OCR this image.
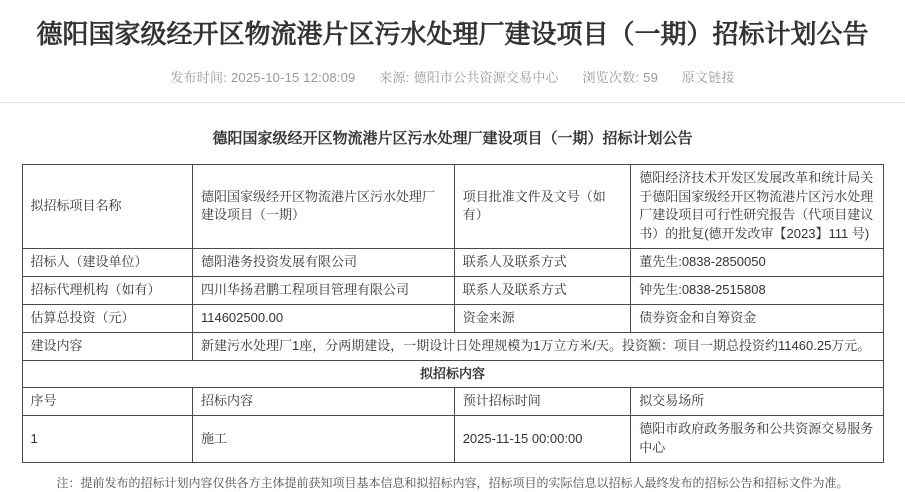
德阳国家级经开区物流港片区污水处理厂建设项目（一期）招标计划公告
发布时间: 2025-10-15 12:08:09 来源: 德阳市公共资源交易中心 浏览次数: 59 原文链接
德阳国家级经开区物流港片区污水处理厂建设项目（一期）招标计划公告
拟招标项目名称	德阳国家级经开区物流港片区污水处理厂建设项目（一期）	项目批准文件及文号（如有）	德阳经济技术开发区发展改革和统计局关于德阳国家级经开区物流港片区污水处理厂建设项目可行性研究报告（代项目建议书）的批复(德开发改审【2023】111 号)
招标人（建设单位）	德阳港务投资发展有限公司	联系人及联系方式	董先生:0838-2850050
招标代理机构（如有）	四川华扬君鹏工程项目管理有限公司	联系人及联系方式	钟先生:0838-2515808
估算总投资（元）	114602500.00	资金来源	债券资金和自筹资金
建设内容	新建污水处理厂1座，分两期建设，一期设计日处理规模为1万立方米/天。投资额：项目一期总投资约11460.25万元。		
拟招标内容			
序号	招标内容	预计招标时间	拟交易场所
1	施工	2025-11-15 00:00:00	德阳市政府政务服务和公共资源交易服务中心
注：提前发布的招标计划内容仅供各方主体提前获知项目基本信息和拟招标内容，招标项目的实际信息以招标人最终发布的招标公告和招标文件为准。
